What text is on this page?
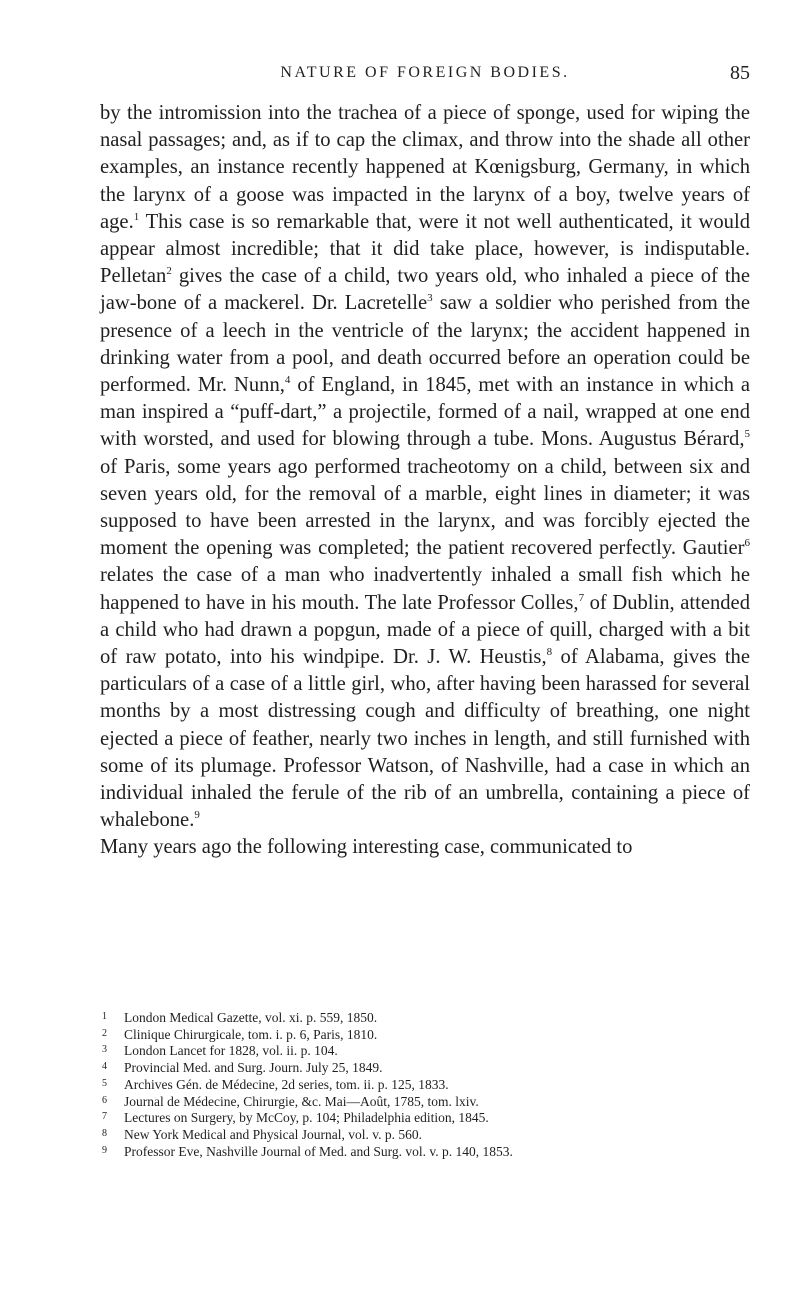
NATURE OF FOREIGN BODIES.	85

by the intromission into the trachea of a piece of sponge, used for wiping the nasal passages; and, as if to cap the climax, and throw into the shade all other examples, an instance recently happened at Kœnigsburg, Germany, in which the larynx of a goose was impacted in the larynx of a boy, twelve years of age.$^1$ This case is so remarkable that, were it not well authenticated, it would appear almost incredible; that it did take place, however, is indisputable. Pelletan$^2$ gives the case of a child, two years old, who inhaled a piece of the jaw-bone of a mackerel. Dr. Lacretelle$^3$ saw a soldier who perished from the presence of a leech in the ventricle of the larynx; the accident happened in drinking water from a pool, and death occurred before an operation could be performed. Mr. Nunn,$^4$ of England, in 1845, met with an instance in which a man inspired a “puff-dart,” a projectile, formed of a nail, wrapped at one end with worsted, and used for blowing through a tube. Mons. Augustus Bérard,$^5$ of Paris, some years ago performed tracheotomy on a child, between six and seven years old, for the removal of a marble, eight lines in diameter; it was supposed to have been arrested in the larynx, and was forcibly ejected the moment the opening was completed; the patient recovered perfectly. Gautier$^6$ relates the case of a man who inadvertently inhaled a small fish which he happened to have in his mouth. The late Professor Colles,$^7$ of Dublin, attended a child who had drawn a popgun, made of a piece of quill, charged with a bit of raw potato, into his windpipe. Dr. J. W. Heustis,$^8$ of Alabama, gives the particulars of a case of a little girl, who, after having been harassed for several months by a most distressing cough and difficulty of breathing, one night ejected a piece of feather, nearly two inches in length, and still furnished with some of its plumage. Professor Watson, of Nashville, had a case in which an individual inhaled the ferule of the rib of an umbrella, containing a piece of whalebone.$^9$
Many years ago the following interesting case, communicated to

1 London Medical Gazette, vol. xi. p. 559, 1850.
2 Clinique Chirurgicale, tom. i. p. 6, Paris, 1810.
3 London Lancet for 1828, vol. ii. p. 104.
4 Provincial Med. and Surg. Journ. July 25, 1849.
5 Archives Gén. de Médecine, 2d series, tom. ii. p. 125, 1833.
6 Journal de Médecine, Chirurgie, &c. Mai—Août, 1785, tom. lxiv.
7 Lectures on Surgery, by McCoy, p. 104; Philadelphia edition, 1845.
8 New York Medical and Physical Journal, vol. v. p. 560.
9 Professor Eve, Nashville Journal of Med. and Surg. vol. v. p. 140, 1853.
